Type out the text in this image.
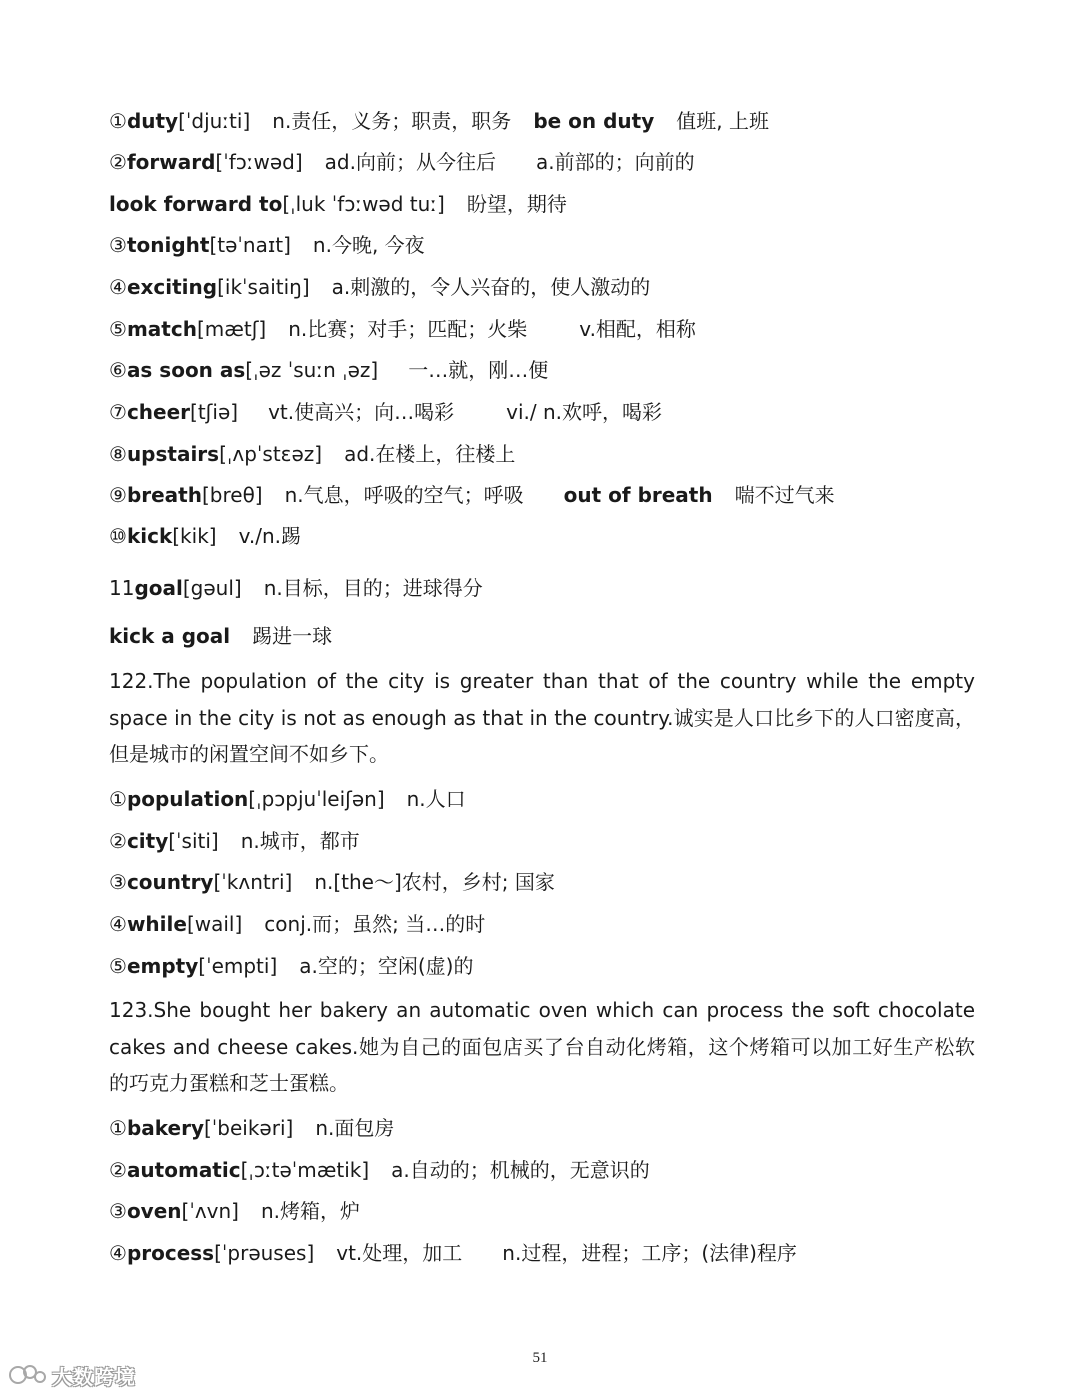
①duty[ˈdjuːti] n.责任，义务；职责，职务 be on duty 值班, 上班
②forward[ˈfɔːwəd] ad.向前；从今往后 a.前部的；向前的
look forward to[ˌluk ˈfɔːwəd tuː] 盼望，期待
③tonight[təˈnaɪt] n.今晚, 今夜
④exciting[ikˈsaitiŋ] a.刺激的，令人兴奋的，使人激动的
⑤match[mætʃ] n.比赛；对手；匹配；火柴	v.相配，相称
⑥as soon as[ˌəz ˈsuːn ˌəz] 一…就，刚…便
⑦cheer[tʃiə] vt.使高兴；向…喝彩	vi./ n.欢呼，喝彩
⑧upstairs[ˌʌpˈstɛəz] ad.在楼上，往楼上
⑨breath[breθ] n.气息，呼吸的空气；呼吸 out of breath 喘不过气来
⑩kick[kik] v./n.踢
11goal[gəul] n.目标，目的；进球得分
kick a goal 踢进一球
122.The population of the city is greater than that of the country while the empty space in the city is not as enough as that in the country.诚实是人口比乡下的人口密度高，但是城市的闲置空间不如乡下。
①population[ˌpɔpjuˈleiʃən] n.人口
②city[ˈsiti] n.城市，都市
③country[ˈkʌntri] n.[the～]农村，乡村; 国家
④while[wail] conj.而；虽然; 当…的时
⑤empty[ˈempti] a.空的；空闲(虚)的
123.She bought her bakery an automatic oven which can process the soft chocolate cakes and cheese cakes.她为自己的面包店买了台自动化烤箱，这个烤箱可以加工好生产松软的巧克力蛋糕和芝士蛋糕。
①bakery[ˈbeikəri] n.面包房
②automatic[ˌɔːtəˈmætik] a.自动的；机械的，无意识的
③oven[ˈʌvn] n.烤箱，炉
④process[ˈprəuses] vt.处理，加工 n.过程，进程；工序；(法律)程序
51
大数跨境
